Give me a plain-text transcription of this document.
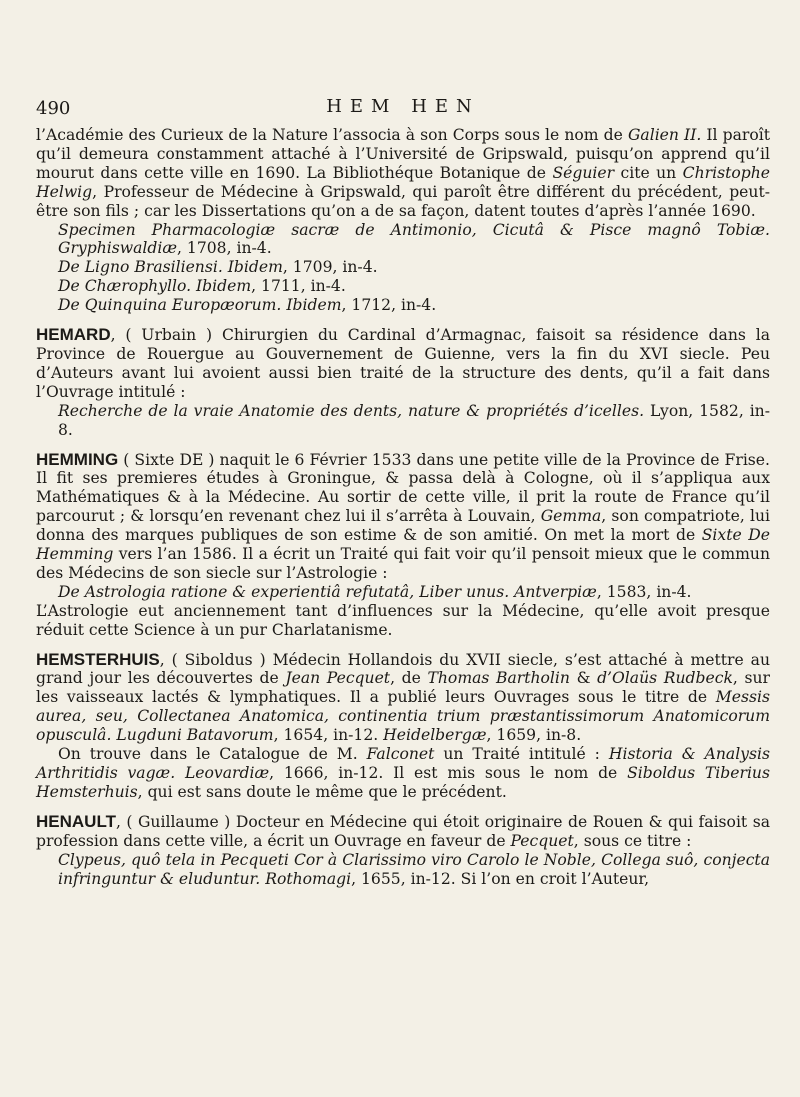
490	HEM HEN

l’Académie des Curieux de la Nature l’associa à son Corps sous le nom de Galien II. Il paroît qu’il demeura constamment attaché à l’Université de Gripswald, puisqu’on apprend qu’il mourut dans cette ville en 1690. La Bibliothéque Botanique de Séguier cite un Christophe Helwig, Professeur de Médecine à Gripswald, qui paroît être différent du précédent, peut-être son fils ; car les Dissertations qu’on a de sa façon, datent toutes d’après l’année 1690.

Specimen Pharmacologiæ sacræ de Antimonio, Cicutâ & Pisce magnô Tobiæ. Gryphiswaldiæ, 1708, in-4.

De Ligno Brasiliensi. Ibidem, 1709, in-4.

De Chærophyllo. Ibidem, 1711, in-4.

De Quinquina Europæorum. Ibidem, 1712, in-4.

HEMARD, ( Urbain ) Chirurgien du Cardinal d’Armagnac, faisoit sa résidence dans la Province de Rouergue au Gouvernement de Guienne, vers la fin du XVI siecle. Peu d’Auteurs avant lui avoient aussi bien traité de la structure des dents, qu’il a fait dans l’Ouvrage intitulé :

Recherche de la vraie Anatomie des dents, nature & propriétés d’icelles. Lyon, 1582, in-8.

HEMMING ( Sixte DE ) naquit le 6 Février 1533 dans une petite ville de la Province de Frise. Il fit ses premieres études à Groningue, & passa delà à Cologne, où il s’appliqua aux Mathématiques & à la Médecine. Au sortir de cette ville, il prit la route de France qu’il parcourut ; & lorsqu’en revenant chez lui il s’arrêta à Louvain, Gemma, son compatriote, lui donna des marques publiques de son estime & de son amitié. On met la mort de Sixte De Hemming vers l’an 1586. Il a écrit un Traité qui fait voir qu’il pensoit mieux que le commun des Médecins de son siecle sur l’Astrologie :

De Astrologia ratione & experientiâ refutatâ, Liber unus. Antverpiæ, 1583, in-4.

L’Astrologie eut anciennement tant d’influences sur la Médecine, qu’elle avoit presque réduit cette Science à un pur Charlatanisme.

HEMSTERHUIS, ( Siboldus ) Médecin Hollandois du XVII siecle, s’est attaché à mettre au grand jour les découvertes de Jean Pecquet, de Thomas Bartholin & d’Olaüs Rudbeck, sur les vaisseaux lactés & lymphatiques. Il a publié leurs Ouvrages sous le titre de Messis aurea, seu, Collectanea Anatomica, continentia trium præstantissimorum Anatomicorum opusculâ. Lugduni Batavorum, 1654, in-12. Heidelbergæ, 1659, in-8.

On trouve dans le Catalogue de M. Falconet un Traité intitulé : Historia & Analysis Arthritidis vagæ. Leovardiæ, 1666, in-12. Il est mis sous le nom de Siboldus Tiberius Hemsterhuis, qui est sans doute le même que le précédent.

HENAULT, ( Guillaume ) Docteur en Médecine qui étoit originaire de Rouen & qui faisoit sa profession dans cette ville, a écrit un Ouvrage en faveur de Pecquet, sous ce titre :

Clypeus, quô tela in Pecqueti Cor à Clarissimo viro Carolo le Noble, Collega suô, conjecta infringuntur & eluduntur. Rothomagi, 1655, in-12. Si l’on en croit l’Auteur,
